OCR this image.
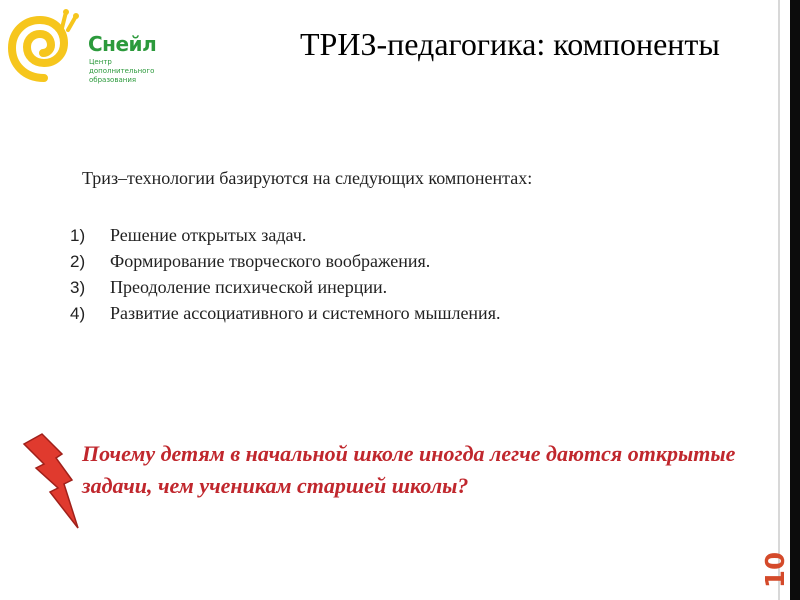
Снейл
Центр
дополнительного
образования
ТРИЗ-педагогика: компоненты
10
Триз–технологии базируются на следующих компонентах:
1) Решение открытых задач.
2) Формирование творческого воображения.
3) Преодоление психической инерции.
4) Развитие ассоциативного и системного мышления.
Почему детям в начальной школе иногда легче даются открытые задачи, чем ученикам старшей школы?
